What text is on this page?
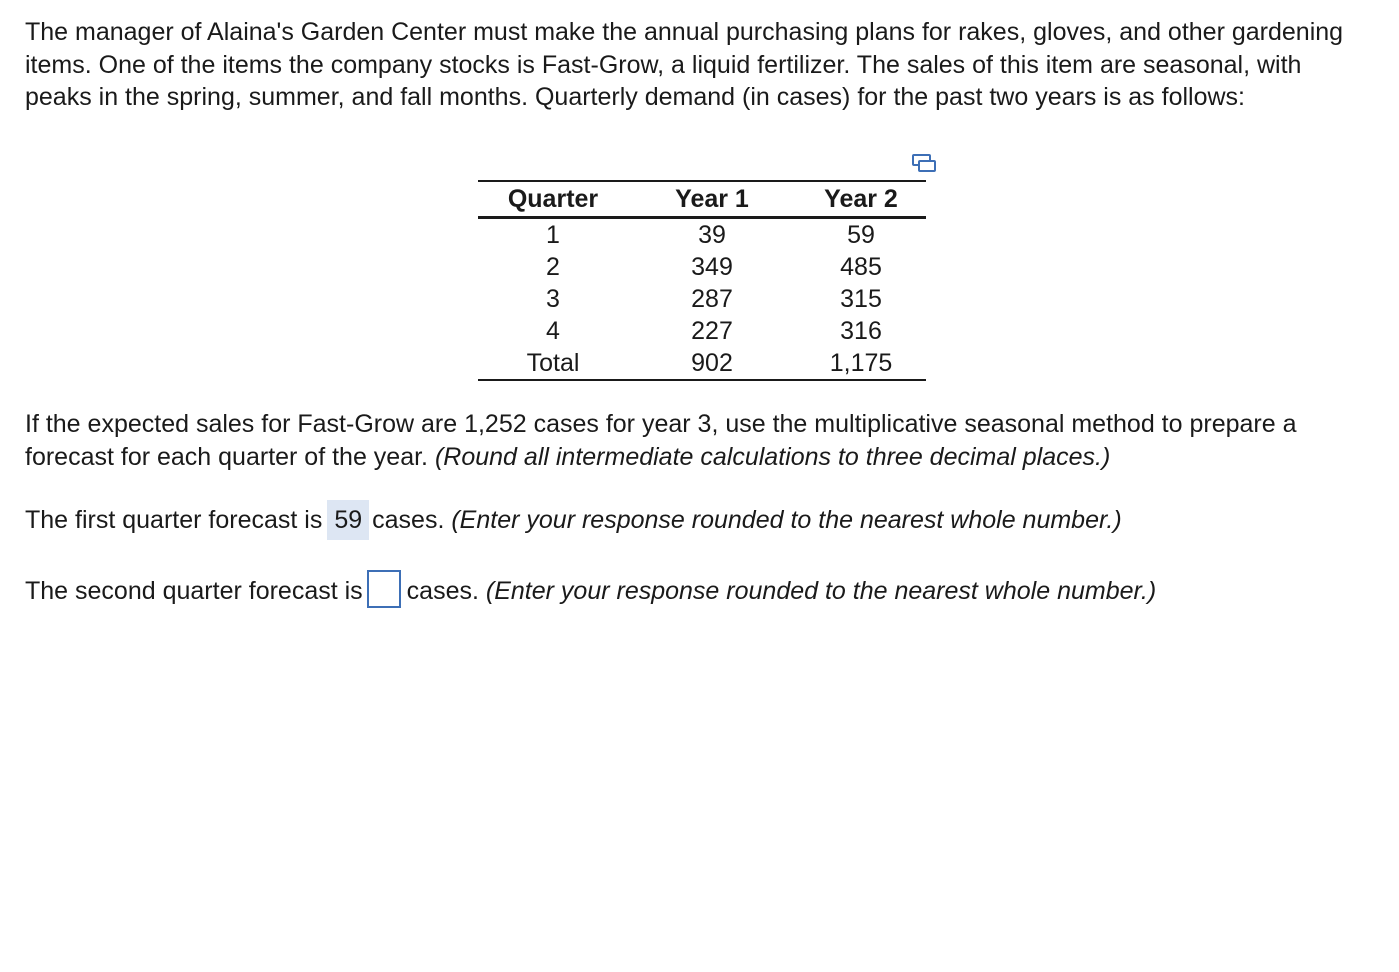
The manager of Alaina's Garden Center must make the annual purchasing plans for rakes, gloves, and other gardening items. One of the items the company stocks is Fast-Grow, a liquid fertilizer. The sales of this item are seasonal, with peaks in the spring, summer, and fall months. Quarterly demand (in cases) for the past two years is as follows:

Quarter	Year 1	Year 2
1	39	59
2	349	485
3	287	315
4	227	316
Total	902	1,175

If the expected sales for Fast-Grow are 1,252 cases for year 3, use the multiplicative seasonal method to prepare a forecast for each quarter of the year. (Round all intermediate calculations to three decimal places.)

The first quarter forecast is 59 cases. (Enter your response rounded to the nearest whole number.)
The second quarter forecast is cases. (Enter your response rounded to the nearest whole number.)
